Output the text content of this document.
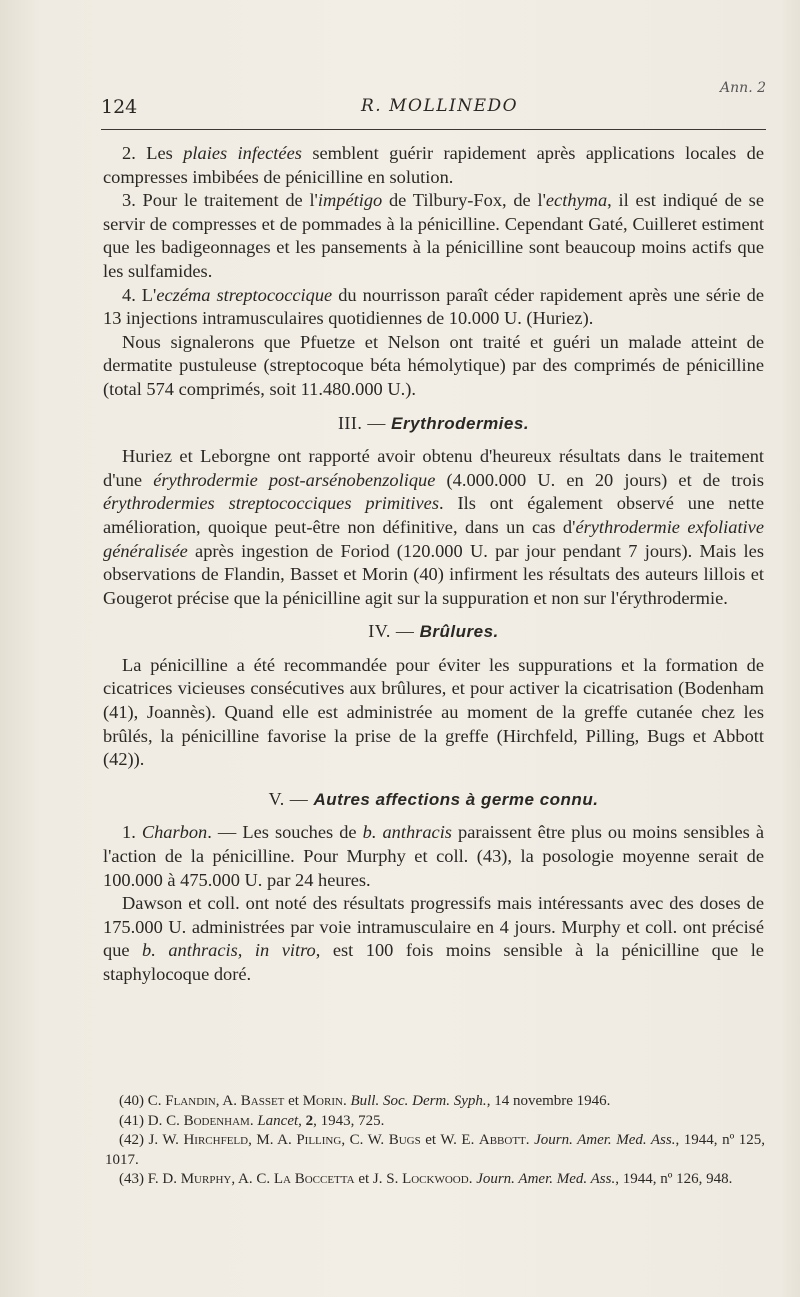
124	R. MOLLINEDO
Ann. 2

2. Les plaies infectées semblent guérir rapidement après applications locales de compresses imbibées de pénicilline en solution.

3. Pour le traitement de l'impétigo de Tilbury-Fox, de l'ecthyma, il est indiqué de se servir de compresses et de pommades à la pénicilline. Cependant Gaté, Cuilleret estiment que les badigeonnages et les pansements à la pénicilline sont beaucoup moins actifs que les sulfamides.

4. L'eczéma streptococcique du nourrisson paraît céder rapidement après une série de 13 injections intramusculaires quotidiennes de 10.000 U. (Huriez).

Nous signalerons que Pfuetze et Nelson ont traité et guéri un malade atteint de dermatite pustuleuse (streptocoque béta hémolytique) par des comprimés de pénicilline (total 574 comprimés, soit 11.480.000 U.).

III. — Erythrodermies.

Huriez et Leborgne ont rapporté avoir obtenu d'heureux résultats dans le traitement d'une érythrodermie post-arsénobenzolique (4.000.000 U. en 20 jours) et de trois érythrodermies streptococciques primitives. Ils ont également observé une nette amélioration, quoique peut-être non définitive, dans un cas d'érythrodermie exfoliative généralisée après ingestion de Foriod (120.000 U. par jour pendant 7 jours). Mais les observations de Flandin, Basset et Morin (40) infirment les résultats des auteurs lillois et Gougerot précise que la pénicilline agit sur la suppuration et non sur l'érythrodermie.

IV. — Brûlures.

La pénicilline a été recommandée pour éviter les suppurations et la formation de cicatrices vicieuses consécutives aux brûlures, et pour activer la cicatrisation (Bodenham (41), Joannès). Quand elle est administrée au moment de la greffe cutanée chez les brûlés, la pénicilline favorise la prise de la greffe (Hirchfeld, Pilling, Bugs et Abbott (42)).

V. — Autres affections à germe connu.

1. Charbon. — Les souches de b. anthracis paraissent être plus ou moins sensibles à l'action de la pénicilline. Pour Murphy et coll. (43), la posologie moyenne serait de 100.000 à 475.000 U. par 24 heures.

Dawson et coll. ont noté des résultats progressifs mais intéressants avec des doses de 175.000 U. administrées par voie intramusculaire en 4 jours. Murphy et coll. ont précisé que b. anthracis, in vitro, est 100 fois moins sensible à la pénicilline que le staphylocoque doré.

(40) C. Flandin, A. Basset et Morin. Bull. Soc. Derm. Syph., 14 novembre 1946.

(41) D. C. Bodenham. Lancet, 2, 1943, 725.

(42) J. W. Hirchfeld, M. A. Pilling, C. W. Bugs et W. E. Abbott. Journ. Amer. Med. Ass., 1944, nº 125, 1017.

(43) F. D. Murphy, A. C. La Boccetta et J. S. Lockwood. Journ. Amer. Med. Ass., 1944, nº 126, 948.
